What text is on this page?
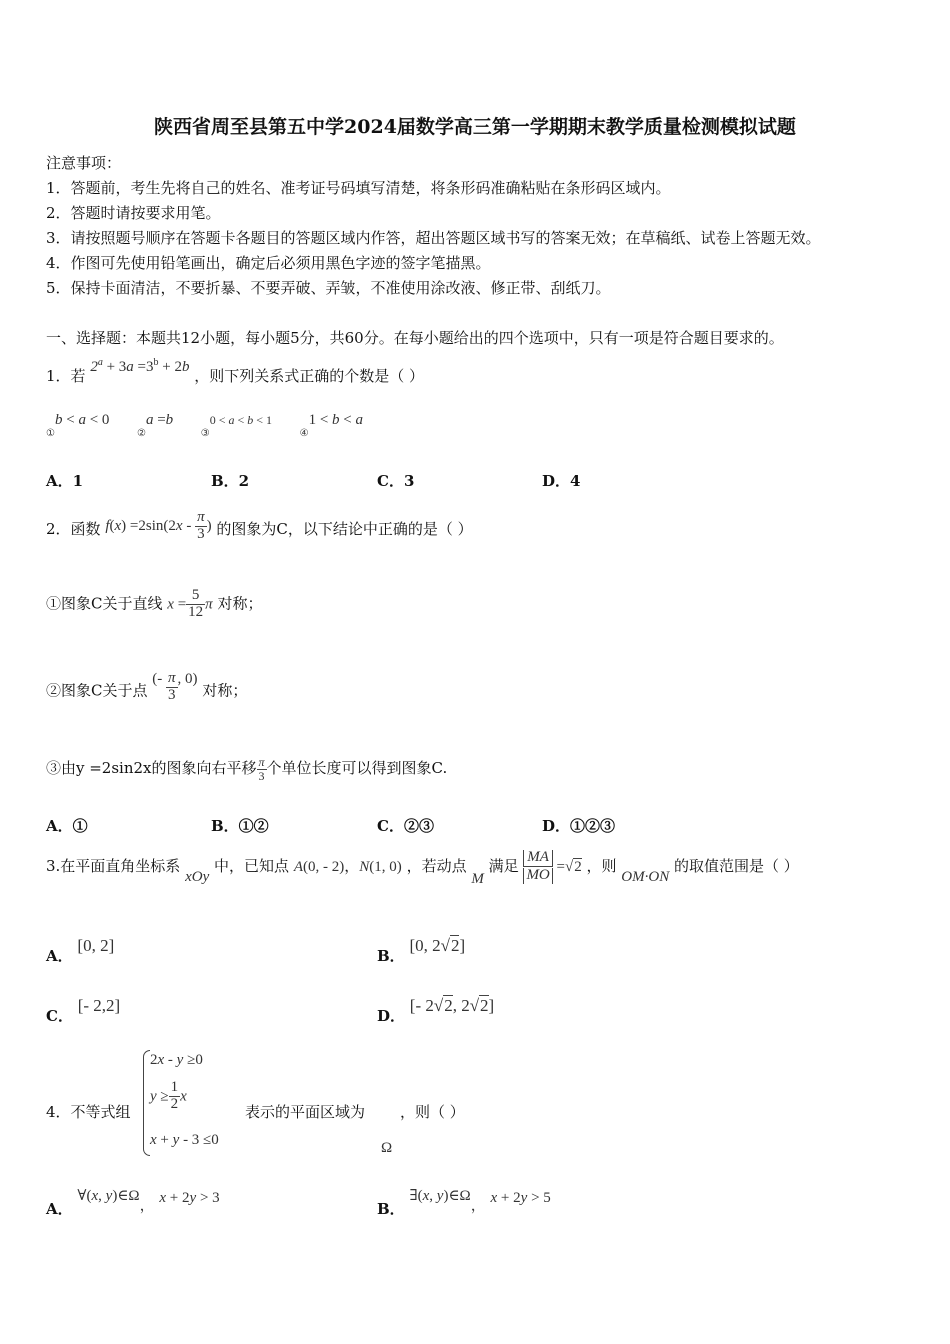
陕西省周至县第五中学2024届数学高三第一学期期末教学质量检测模拟试题
注意事项：
1．答题前，考生先将自己的姓名、准考证号码填写清楚，将条形码准确粘贴在条形码区域内。
2．答题时请按要求用笔。
3．请按照题号顺序在答题卡各题目的答题区域内作答，超出答题区域书写的答案无效；在草稿纸、试卷上答题无效。
4．作图可先使用铅笔画出，确定后必须用黑色字迹的签字笔描黑。
5．保持卡面清洁，不要折暴、不要弄破、弄皱，不准使用涂改液、修正带、刮纸刀。
一、选择题：本题共12小题，每小题5分，共60分。在每小题给出的四个选项中，只有一项是符合题目要求的。
1．若 $2^a + 3a =3^b + 2b$ ，则下列关系式正确的个数是（ ）
$_①$b < a < 0  $_②$a =b  $_③$0 < a < b < 1  $_④$1 < b < a
A．1	B．2	C．3	D．4
2．函数 $f(x) =2\sin(2x - \frac{\pi}{3}$ ) 的图象为C，以下结论中正确的是（ ）
①图象C关于直线 $x = \frac{5}{12}$ π 对称；
②图象C关于点 (- $\frac{\pi}{3}$ , 0) 对称；
③由y =2sin2x的图象向右平移 $\frac{\pi}{3}$ 个单位长度可以得到图象C.
A．①	B．①②	C．②③	D．①②③
3.在平面直角坐标系 xOy 中，已知点 A(0, - 2)，N(1, 0) ，若动点 M 满足 $\frac{MA}{MO} =√2$ ，则 OM·ON 的取值范围是（ ）
A． [0, 2]
B． [0, 2√2]
C． [- 2,2]
D． [- 2√2, 2√2]
4．不等式组
2x - y ≥0
$y \ge \frac{1}{2}$ x
x + y - 3 ≤0
表示的平面区域为
Ω
，则（ ）
A． ∀(x, y)∈Ω， x + 2y > 3
B． ∃(x, y)∈Ω， x + 2y > 5
